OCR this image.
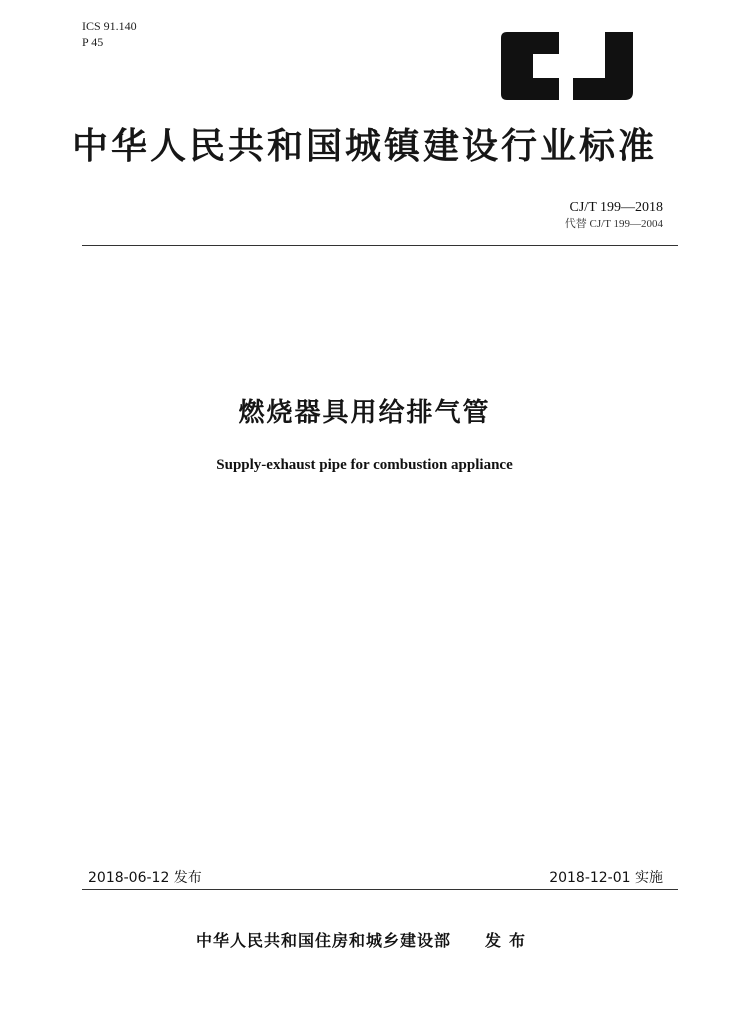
ICS 91.140
P 45
中华人民共和国城镇建设行业标准
CJ/T 199—2018
代替 CJ/T 199—2004
燃烧器具用给排气管
Supply-exhaust pipe for combustion appliance
2018-06-12 发布	2018-12-01 实施
中华人民共和国住房和城乡建设部 发布
